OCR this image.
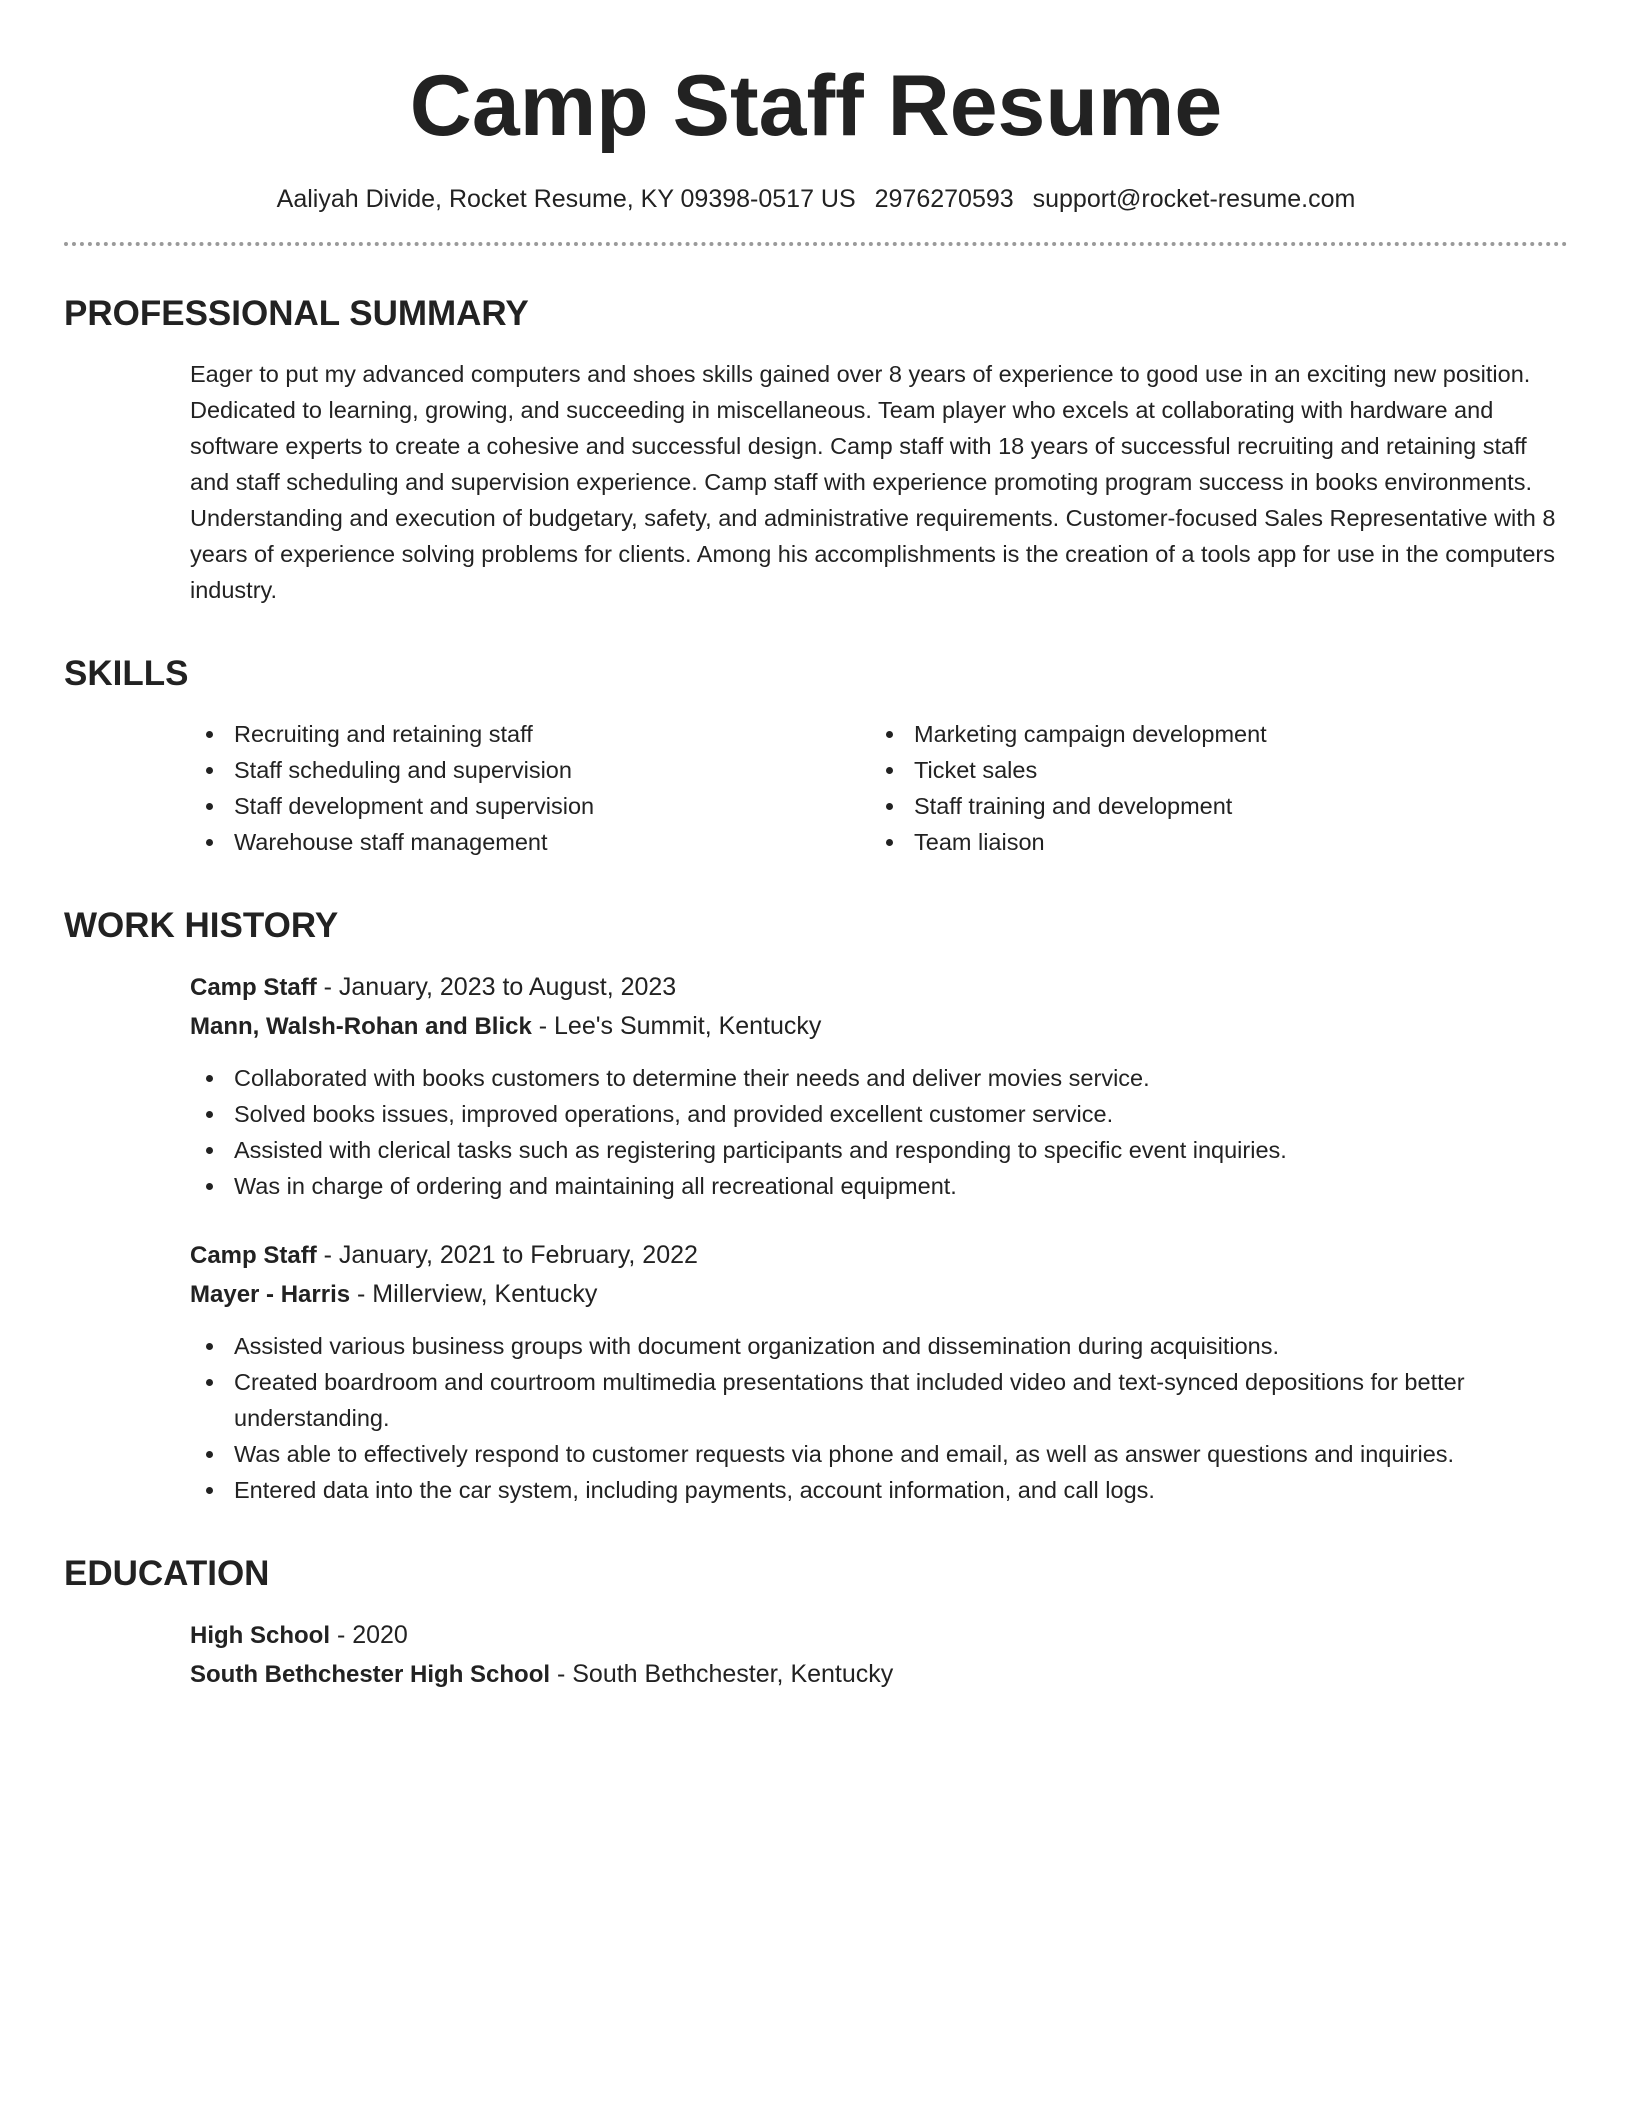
Camp Staff Resume
Aaliyah Divide, Rocket Resume, KY 09398-0517 US 2976270593 support@rocket-resume.com
PROFESSIONAL SUMMARY

Eager to put my advanced computers and shoes skills gained over 8 years of experience to good use in an exciting new position. Dedicated to learning, growing, and succeeding in miscellaneous. Team player who excels at collaborating with hardware and software experts to create a cohesive and successful design. Camp staff with 18 years of successful recruiting and retaining staff and staff scheduling and supervision experience. Camp staff with experience promoting program success in books environments. Understanding and execution of budgetary, safety, and administrative requirements. Customer-focused Sales Representative with 8 years of experience solving problems for clients. Among his accomplishments is the creation of a tools app for use in the computers industry.

SKILLS
Recruiting and retaining staff
Staff scheduling and supervision
Staff development and supervision
Warehouse staff management
Marketing campaign development
Ticket sales
Staff training and development
Team liaison
WORK HISTORY
Camp Staff - January, 2023 to August, 2023
Mann, Walsh-Rohan and Blick - Lee's Summit, Kentucky
Collaborated with books customers to determine their needs and deliver movies service.
Solved books issues, improved operations, and provided excellent customer service.
Assisted with clerical tasks such as registering participants and responding to specific event inquiries.
Was in charge of ordering and maintaining all recreational equipment.
Camp Staff - January, 2021 to February, 2022
Mayer - Harris - Millerview, Kentucky
Assisted various business groups with document organization and dissemination during acquisitions.
Created boardroom and courtroom multimedia presentations that included video and text-synced depositions for better understanding.
Was able to effectively respond to customer requests via phone and email, as well as answer questions and inquiries.
Entered data into the car system, including payments, account information, and call logs.
EDUCATION
High School - 2020
South Bethchester High School - South Bethchester, Kentucky
